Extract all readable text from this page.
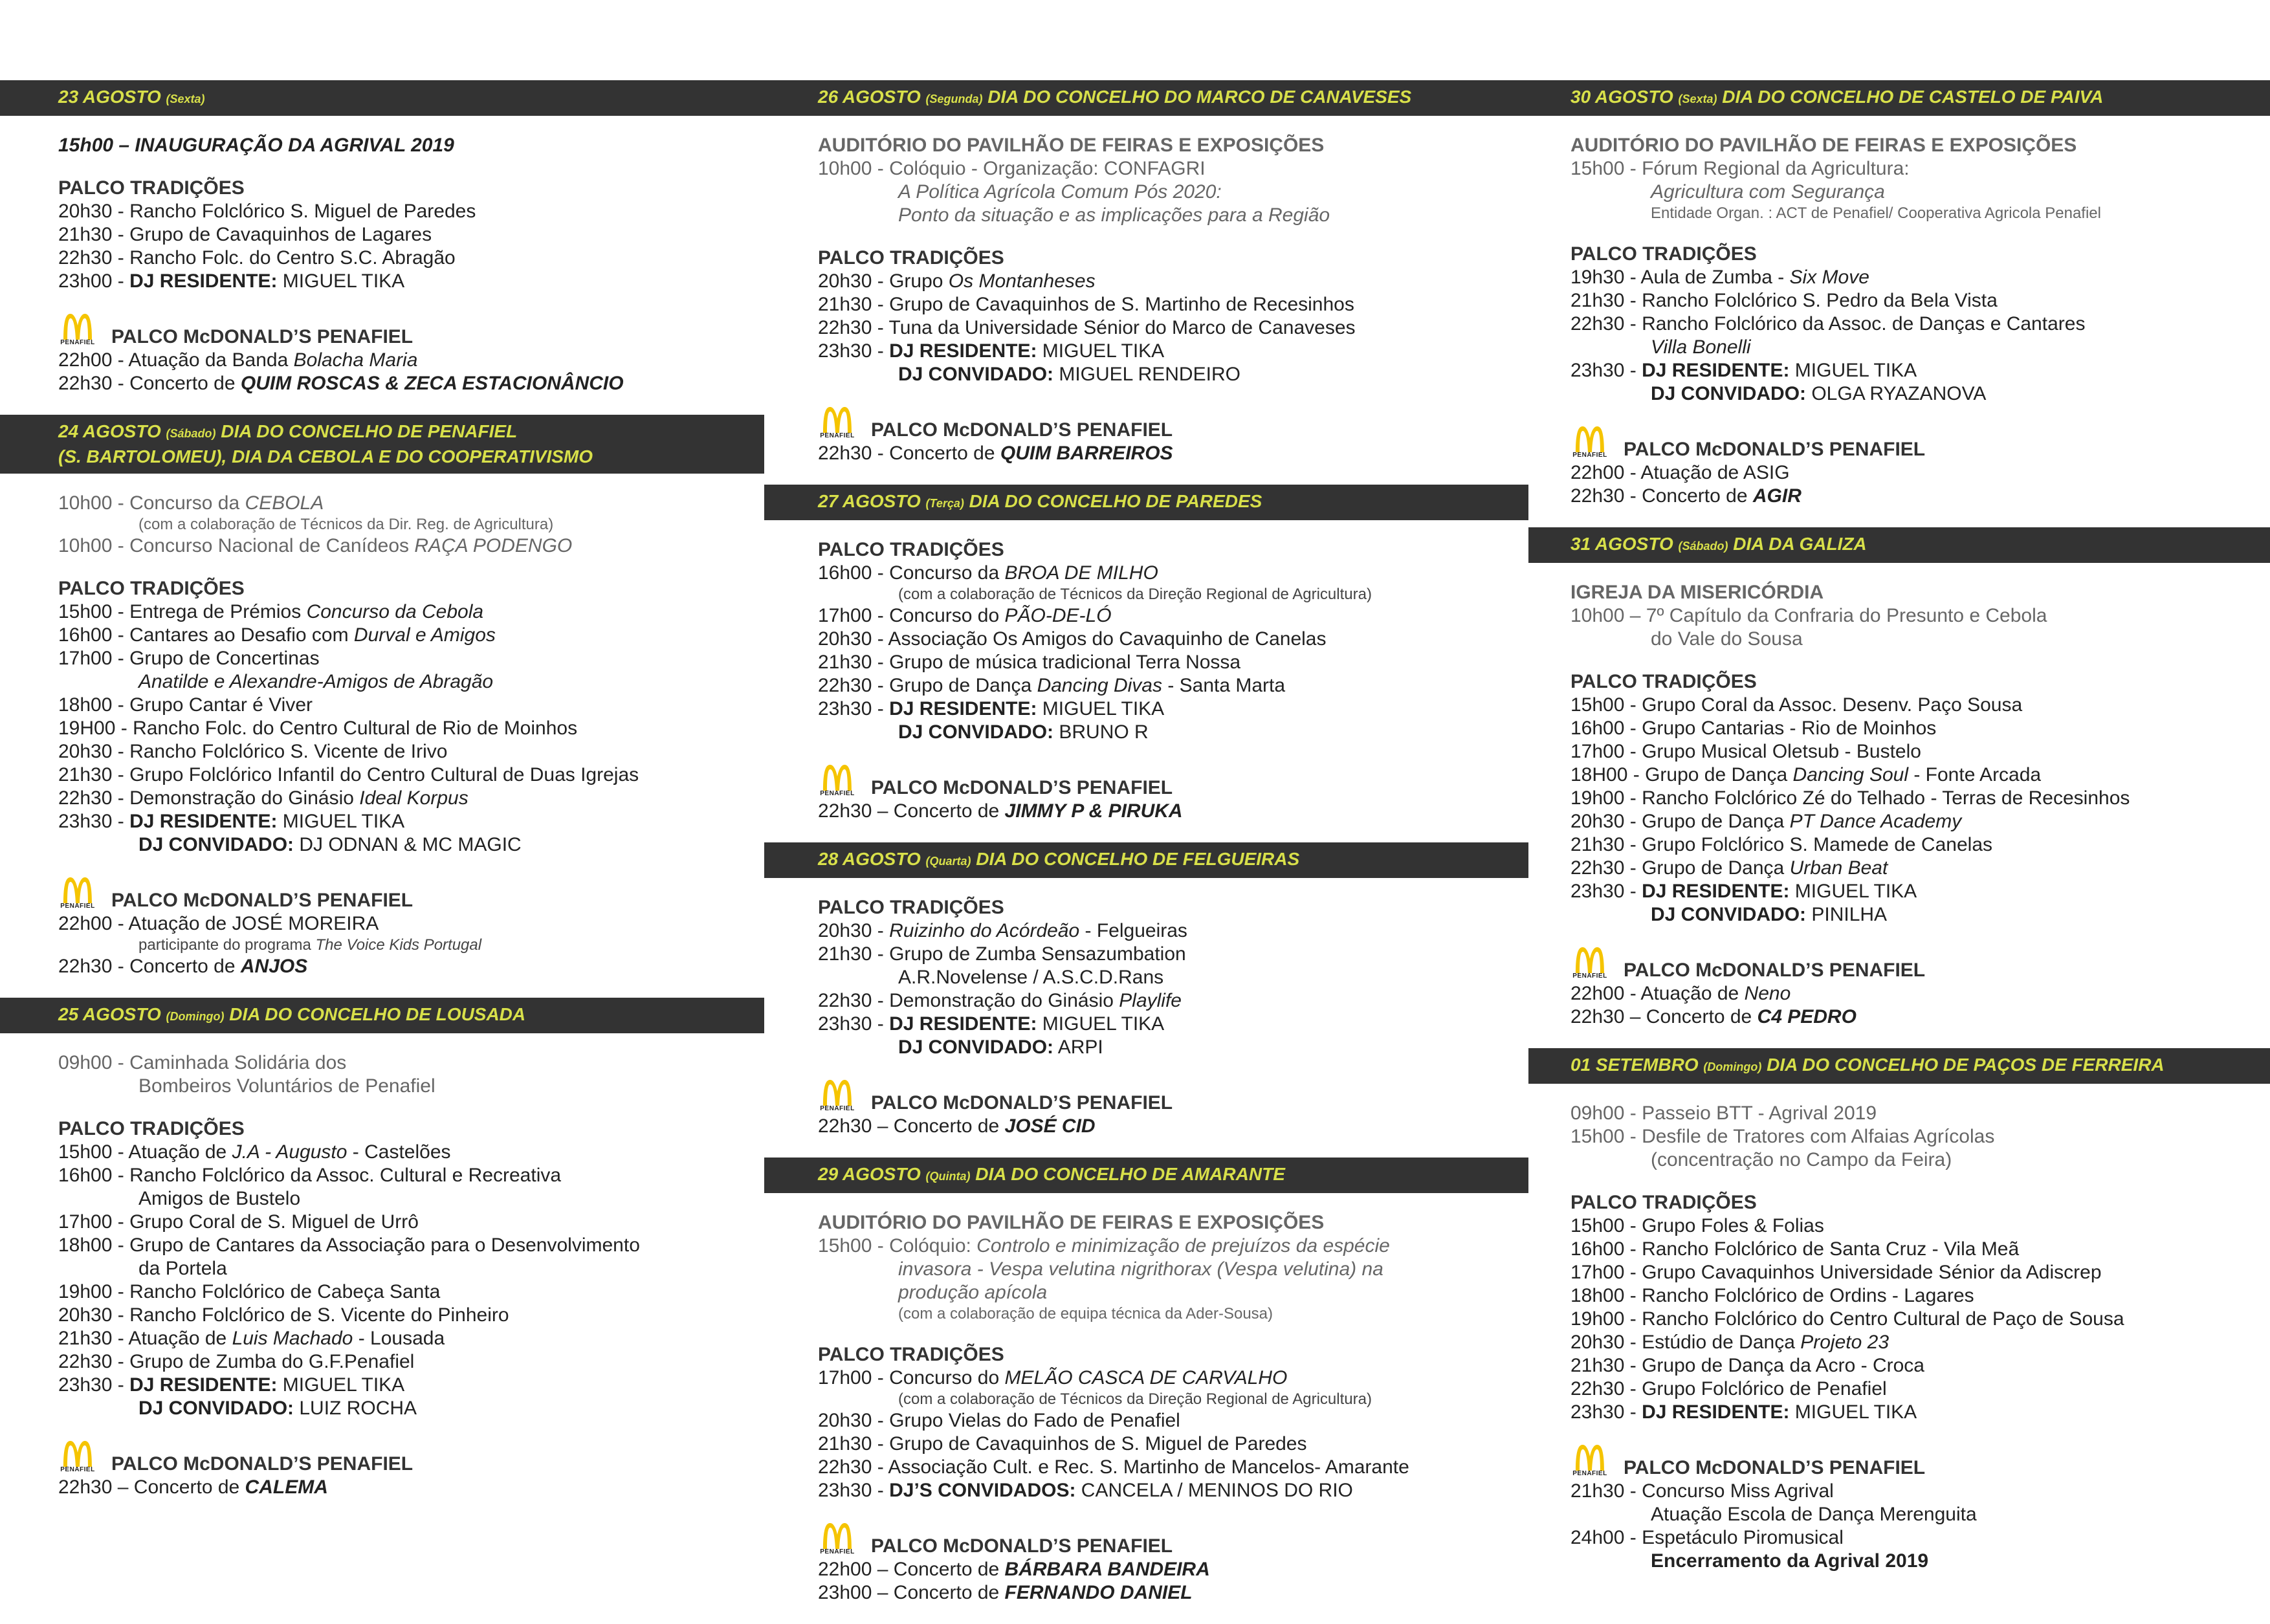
23 AGOSTO (Sexta)
15h00 – INAUGURAÇÃO DA AGRIVAL 2019
PALCO TRADIÇÕES
20h30 - Rancho Folclórico S. Miguel de Paredes
21h30 - Grupo de Cavaquinhos de Lagares
22h30 - Rancho Folc. do Centro S.C. Abragão
23h00 - DJ RESIDENTE: MIGUEL TIKA
PENAFIEL PALCO McDONALD’S PENAFIEL
22h00 - Atuação da Banda Bolacha Maria
22h30 - Concerto de QUIM ROSCAS & ZECA ESTACIONÂNCIO
24 AGOSTO (Sábado) DIA DO CONCELHO DE PENAFIEL
(S. BARTOLOMEU), DIA DA CEBOLA E DO COOPERATIVISMO
10h00 - Concurso da CEBOLA
(com a colaboração de Técnicos da Dir. Reg. de Agricultura)
10h00 - Concurso Nacional de Canídeos RAÇA PODENGO
PALCO TRADIÇÕES
15h00 - Entrega de Prémios Concurso da Cebola
16h00 - Cantares ao Desafio com Durval e Amigos
17h00 - Grupo de Concertinas
Anatilde e Alexandre-Amigos de Abragão
18h00 - Grupo Cantar é Viver
19H00 - Rancho Folc. do Centro Cultural de Rio de Moinhos
20h30 - Rancho Folclórico S. Vicente de Irivo
21h30 - Grupo Folclórico Infantil do Centro Cultural de Duas Igrejas
22h30 - Demonstração do Ginásio Ideal Korpus
23h30 - DJ RESIDENTE: MIGUEL TIKA
DJ CONVIDADO: DJ ODNAN & MC MAGIC
PENAFIEL PALCO McDONALD’S PENAFIEL
22h00 - Atuação de JOSÉ MOREIRA
participante do programa The Voice Kids Portugal
22h30 - Concerto de ANJOS
25 AGOSTO (Domingo) DIA DO CONCELHO DE LOUSADA
09h00 - Caminhada Solidária dos
Bombeiros Voluntários de Penafiel
PALCO TRADIÇÕES
15h00 - Atuação de J.A - Augusto - Castelões
16h00 - Rancho Folclórico da Assoc. Cultural e Recreativa
Amigos de Bustelo
17h00 - Grupo Coral de S. Miguel de Urrô
18h00 - Grupo de Cantares da Associação para o Desenvolvimento
da Portela
19h00 - Rancho Folclórico de Cabeça Santa
20h30 - Rancho Folclórico de S. Vicente do Pinheiro
21h30 - Atuação de Luis Machado - Lousada
22h30 - Grupo de Zumba do G.F.Penafiel
23h30 - DJ RESIDENTE: MIGUEL TIKA
DJ CONVIDADO: LUIZ ROCHA
PENAFIEL PALCO McDONALD’S PENAFIEL
22h30 – Concerto de CALEMA
26 AGOSTO (Segunda) DIA DO CONCELHO DO MARCO DE CANAVESES
AUDITÓRIO DO PAVILHÃO DE FEIRAS E EXPOSIÇÕES
10h00 - Colóquio - Organização: CONFAGRI
A Política Agrícola Comum Pós 2020:
Ponto da situação e as implicações para a Região
PALCO TRADIÇÕES
20h30 - Grupo Os Montanheses
21h30 - Grupo de Cavaquinhos de S. Martinho de Recesinhos
22h30 - Tuna da Universidade Sénior do Marco de Canaveses
23h30 - DJ RESIDENTE: MIGUEL TIKA
DJ CONVIDADO: MIGUEL RENDEIRO
PENAFIEL PALCO McDONALD’S PENAFIEL
22h30 - Concerto de QUIM BARREIROS
27 AGOSTO (Terça) DIA DO CONCELHO DE PAREDES
PALCO TRADIÇÕES
16h00 - Concurso da BROA DE MILHO
(com a colaboração de Técnicos da Direção Regional de Agricultura)
17h00 - Concurso do PÃO-DE-LÓ
20h30 - Associação Os Amigos do Cavaquinho de Canelas
21h30 - Grupo de música tradicional Terra Nossa
22h30 - Grupo de Dança Dancing Divas - Santa Marta
23h30 - DJ RESIDENTE: MIGUEL TIKA
DJ CONVIDADO: BRUNO R
PENAFIEL PALCO McDONALD’S PENAFIEL
22h30 – Concerto de JIMMY P & PIRUKA
28 AGOSTO (Quarta) DIA DO CONCELHO DE FELGUEIRAS
PALCO TRADIÇÕES
20h30 - Ruizinho do Acórdeão - Felgueiras
21h30 - Grupo de Zumba Sensazumbation
A.R.Novelense / A.S.C.D.Rans
22h30 - Demonstração do Ginásio Playlife
23h30 - DJ RESIDENTE: MIGUEL TIKA
DJ CONVIDADO: ARPI
PENAFIEL PALCO McDONALD’S PENAFIEL
22h30 – Concerto de JOSÉ CID
29 AGOSTO (Quinta) DIA DO CONCELHO DE AMARANTE
AUDITÓRIO DO PAVILHÃO DE FEIRAS E EXPOSIÇÕES
15h00 - Colóquio: Controlo e minimização de prejuízos da espécie
invasora - Vespa velutina nigrithorax (Vespa velutina) na
produção apícola
(com a colaboração de equipa técnica da Ader-Sousa)
PALCO TRADIÇÕES
17h00 - Concurso do MELÃO CASCA DE CARVALHO
(com a colaboração de Técnicos da Direção Regional de Agricultura)
20h30 - Grupo Vielas do Fado de Penafiel
21h30 - Grupo de Cavaquinhos de S. Miguel de Paredes
22h30 - Associação Cult. e Rec. S. Martinho de Mancelos- Amarante
23h30 - DJ’S CONVIDADOS: CANCELA / MENINOS DO RIO
PENAFIEL PALCO McDONALD’S PENAFIEL
22h00 – Concerto de BÁRBARA BANDEIRA
23h00 – Concerto de FERNANDO DANIEL
30 AGOSTO (Sexta) DIA DO CONCELHO DE CASTELO DE PAIVA
AUDITÓRIO DO PAVILHÃO DE FEIRAS E EXPOSIÇÕES
15h00 - Fórum Regional da Agricultura:
Agricultura com Segurança
Entidade Organ. : ACT de Penafiel/ Cooperativa Agricola Penafiel
PALCO TRADIÇÕES
19h30 - Aula de Zumba - Six Move
21h30 - Rancho Folclórico S. Pedro da Bela Vista
22h30 - Rancho Folclórico da Assoc. de Danças e Cantares
Villa Bonelli
23h30 - DJ RESIDENTE: MIGUEL TIKA
DJ CONVIDADO: OLGA RYAZANOVA
PENAFIEL PALCO McDONALD’S PENAFIEL
22h00 - Atuação de ASIG
22h30 - Concerto de AGIR
31 AGOSTO (Sábado) DIA DA GALIZA
IGREJA DA MISERICÓRDIA
10h00 – 7º Capítulo da Confraria do Presunto e Cebola
do Vale do Sousa
PALCO TRADIÇÕES
15h00 - Grupo Coral da Assoc. Desenv. Paço Sousa
16h00 - Grupo Cantarias - Rio de Moinhos
17h00 - Grupo Musical Oletsub - Bustelo
18H00 - Grupo de Dança Dancing Soul - Fonte Arcada
19h00 - Rancho Folclórico Zé do Telhado - Terras de Recesinhos
20h30 - Grupo de Dança PT Dance Academy
21h30 - Grupo Folclórico S. Mamede de Canelas
22h30 - Grupo de Dança Urban Beat
23h30 - DJ RESIDENTE: MIGUEL TIKA
DJ CONVIDADO: PINILHA
PENAFIEL PALCO McDONALD’S PENAFIEL
22h00 - Atuação de Neno
22h30 – Concerto de C4 PEDRO
01 SETEMBRO (Domingo) DIA DO CONCELHO DE PAÇOS DE FERREIRA
09h00 - Passeio BTT - Agrival 2019
15h00 - Desfile de Tratores com Alfaias Agrícolas
(concentração no Campo da Feira)
PALCO TRADIÇÕES
15h00 - Grupo Foles & Folias
16h00 - Rancho Folclórico de Santa Cruz - Vila Meã
17h00 - Grupo Cavaquinhos Universidade Sénior da Adiscrep
18h00 - Rancho Folclórico de Ordins - Lagares
19h00 - Rancho Folclórico do Centro Cultural de Paço de Sousa
20h30 - Estúdio de Dança Projeto 23
21h30 - Grupo de Dança da Acro - Croca
22h30 - Grupo Folclórico de Penafiel
23h30 - DJ RESIDENTE: MIGUEL TIKA
PENAFIEL PALCO McDONALD’S PENAFIEL
21h30 - Concurso Miss Agrival
Atuação Escola de Dança Merenguita
24h00 - Espetáculo Piromusical
Encerramento da Agrival 2019
